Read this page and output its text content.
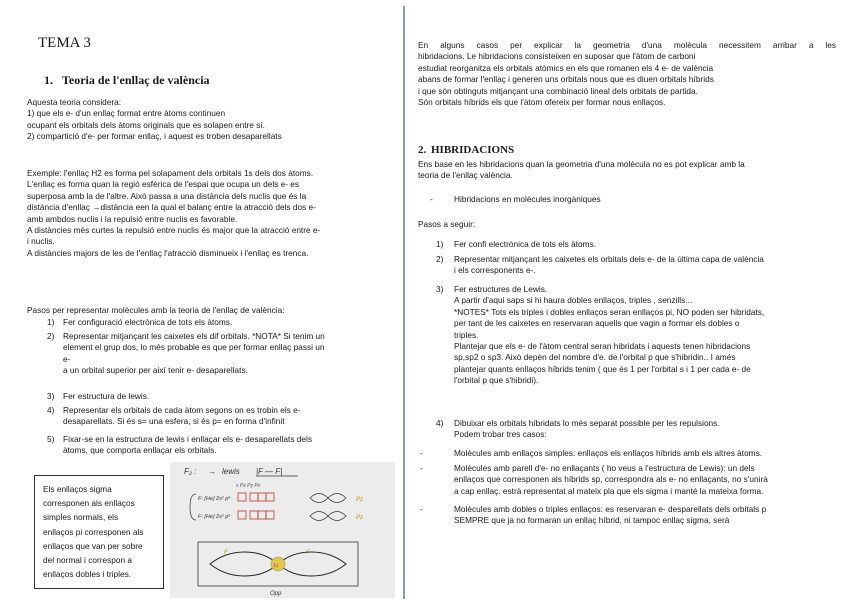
TEMA 3
1. Teoria de l'enllaç de valència
Aquesta teoria considera:
1) que els e- d'un enllaç format entre àtoms continuen
ocupant els orbitals dels àtoms originals que es solapen entre sí.
2) compartició d'e- per formar enllaç, i aquest es troben desaparellats
Exemple: l'enllaç H2 es forma pel solapament dels orbitals 1s dels dos àtoms.
L'enllaç es forma quan la regió esfèrica de l'espai que ocupa un dels e- es
superposa amb la de l'altre. Això passa a una distància dels nuclis que és la
distància d'enllaç →distància een la qual el balanç entre la atracció dels dos e-
amb ambdos nuclis i la repulsió entre nuclis es favorable.
A distàncies més curtes la repulsió entre nuclis és major que la atracció entre e-
i nuclis.
A distàncies majors de les de l'enllaç l'atracció disminueix i l'enllaç es trenca.
Pasos per representar molècules amb la teoria de l'enllaç de valència:
1) Fer configuració electrònica de tots els àtoms.
2) Representar mitjançant les caixetes els dif orbitals. *NOTA* Si tenim un
element el grup dos, lo més probable es que per formar enllaç passi un
e-
a un orbital superior per així tenir e- desaparellats.
3) Fer estructura de lewis.
4) Representar els orbitals de cada àtom segons on es trobin els e-
desaparellats. Si és s= una esfera, si és p= en forma d'infinit
5) Fixar-se en la estructura de lewis i enllaçar els e- desaparellats dels
àtoms, que comporta enllaçar els orbitals.
F₂ : → lewis |F — F|
s Px Py Pz
F: [He] 2s² p⁵
F: [He] 2s² p⁵
Pz
Pz
F	F
1s
Opp
Els enllaços sigma
corresponen als enllaços
simples normals, els
enllaços pi corresponen als
enllaços que van per sobre
del normal i correspon a
enllaços dobles i triples.
En alguns casos per explicar la geometria d'una molècula necessitem arribar a les
hibridacions. Le hibridacions consisteixen en suposar que l'àtom de carboni
estudiat reorganitza els orbitals atòmics en els que romanen els 4 e- de valència
abans de formar l'enllaç i generen uns orbitals nous que es diuen orbitals híbrids
i que són obtinguts mitjançant una combinació lineal dels orbitals de partida.
Són orbitals híbrids els que l'àtom ofereix per formar nous enllaços.
2. HIBRIDACIONS
Ens base en les hibridacions quan la geometria d'una molècula no es pot explicar amb la
teoria de l'enllaç valència.
-	Hibridacions en molècules inorgàniques
Pasos a seguir:
1) Fer confi electrònica de tots els àtoms.
2) Representar mitjançant les caixetes els orbitals dels e- de la última capa de valència
i els corresponents e-.
3) Fer estructures de Lewis.
A partir d'aqui saps si hi haura dobles enllaços, triples , senzills...
*NOTES* Tots els triples i dobles enllaços seran enllaços pi, NO poden ser hibridats,
per tant de les caixetes en reservaran aquells que vagin a formar els dobles o
triples.
Plantejar que els e- de l'àtom central seran hibridats i aquests tenen hibridacions
sp,sp2 o sp3. Això depèn del nombre d'e. de l'orbital p que s'hibridin.. I amés
plantejar quants enllaços híbrids tenim ( que és 1 per l'orbital s i 1 per cada e- de
l'orbital p que s'hibridi).
4) Dibuixar els orbitals híbridats lo més separat possible per les repulsions.
Podem trobar tres casos:
-	Molècules amb enllaços simples: enllaços els enllaços híbrids amb els altres àtoms.
-	Molècules amb parell d'e- no enllaçants ( ho veus a l'estructura de Lewis): un dels
enllaços que corresponen als híbrids sp, correspondra als e- no enllaçants, no s'unirà
a cap enllaç. estrà representat al mateix pla que els sigma i manté la mateixa forma.
-	Molècules amb dobles o triples enllaços: es reservaran e- desparellats dels orbitals p
SEMPRE que ja no formaran un enllaç híbrid, ni tampoc enllaç sigma, serà
